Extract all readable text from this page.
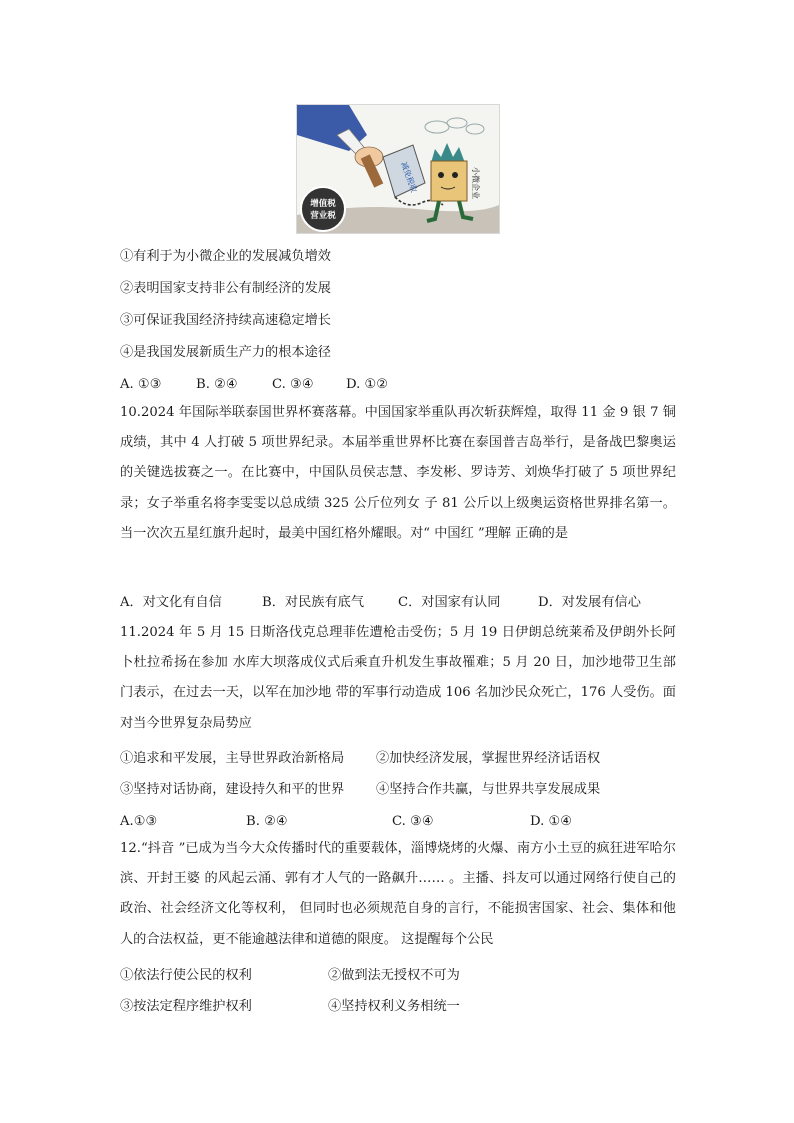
减免税收
增值税
营业税
小微企业
①有利于为小微企业的发展减负增效
②表明国家支持非公有制经济的发展
③可保证我国经济持续高速稳定增长
④是我国发展新质生产力的根本途径
A. ①③	B. ②④	C. ③④ D. ①②
10.2024 年国际举联泰国世界杯赛落幕。中国国家举重队再次斩获辉煌，取得 11 金 9 银 7 铜成绩，其中 4 人打破 5 项世界纪录。本届举重世界杯比赛在泰国普吉岛举行，是备战巴黎奥运的关键选拔赛之一。在比赛中，中国队员侯志慧、李发彬、罗诗芳、刘焕华打破了 5 项世界纪录；女子举重名将李雯雯以总成绩 325 公斤位列女 子 81 公斤以上级奥运资格世界排名第一。当一次次五星红旗升起时，最美中国红格外耀眼。对“ 中国红 ”理解 正确的是
A．对文化有自信	B．对民族有底气	C．对国家有认同	D．对发展有信心
11.2024 年 5 月 15 日斯洛伐克总理菲佐遭枪击受伤；5 月 19 日伊朗总统莱希及伊朗外长阿 卜杜拉希扬在参加 水库大坝落成仪式后乘直升机发生事故罹难；5 月 20 日，加沙地带卫生部门表示，在过去一天，以军在加沙地 带的军事行动造成 106 名加沙民众死亡，176 人受伤。面对当今世界复杂局势应
①追求和平发展，主导世界政治新格局 ②加快经济发展，掌握世界经济话语权
③坚持对话协商，建设持久和平的世界 ④坚持合作共赢，与世界共享发展成果
A.①③	B. ②④	C. ③④	D. ①④
12.“抖音 ”已成为当今大众传播时代的重要载体，淄博烧烤的火爆、南方小土豆的疯狂进军哈尔滨、开封王婆 的风起云涌、郭有才人气的一路飙升…… 。主播、抖友可以通过网络行使自己的政治、社会经济文化等权利， 但同时也必须规范自身的言行，不能损害国家、社会、集体和他人的合法权益，更不能逾越法律和道德的限度。 这提醒每个公民
①依法行使公民的权利	②做到法无授权不可为
③按法定程序维护权利	④坚持权利义务相统一
